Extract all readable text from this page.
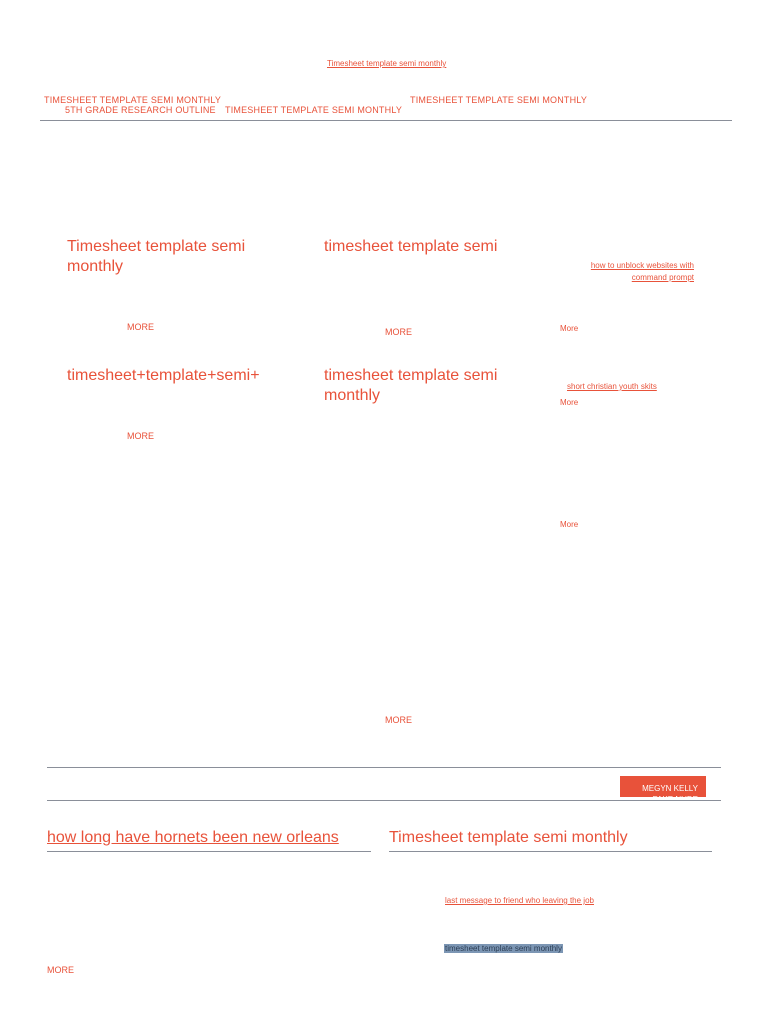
Timesheet template semi monthly
TIMESHEET TEMPLATE SEMI MONTHLY
5TH GRADE RESEARCH OUTLINE TIMESHEET TEMPLATE SEMI MONTHLY
TIMESHEET TEMPLATE SEMI MONTHLY
Timesheet template semi monthly
MORE
timesheet+template+semi+
MORE
timesheet template semi
MORE
timesheet template semi monthly
MORE
how to unblock websites with command prompt
More
short christian youth skits
More
More
MEGYN KELLY
how long have hornets been new orleans	Timesheet template semi monthly
last message to friend who leaving the job
timesheet template semi monthly
MORE
